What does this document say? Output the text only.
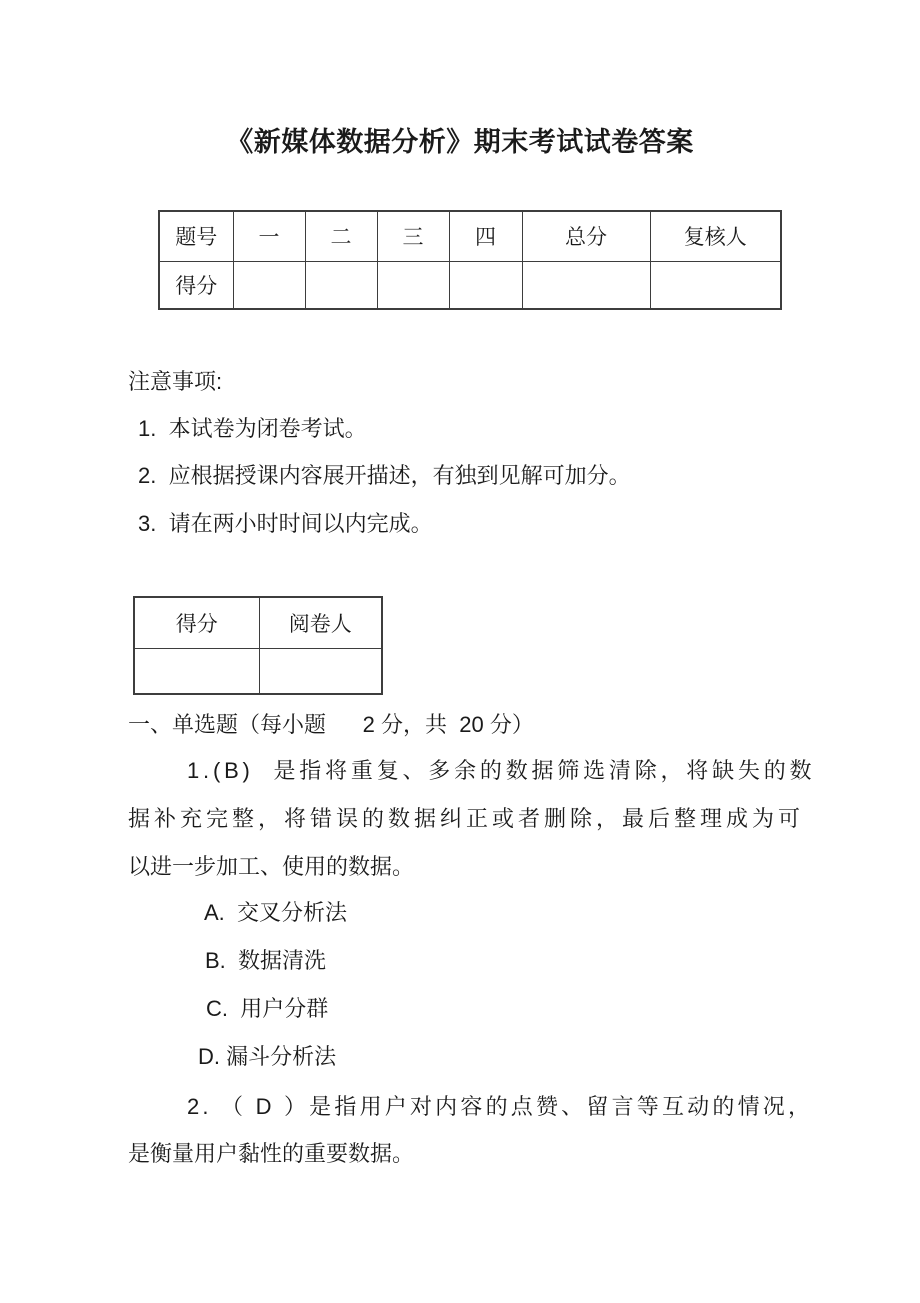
《新媒体数据分析》期末考试试卷答案
题号	一	二	三	四	总分	复核人
得分						
注意事项:
1.  本试卷为闭卷考试。
2.  应根据授课内容展开描述，有独到见解可加分。
3.  请在两小时时间以内完成。
得分	阅卷人

一、单选题（每小题      2 分，共  20 分）
1.(B)  是指将重复、多余的数据筛选清除，将缺失的数
据补充完整，将错误的数据纠正或者删除，最后整理成为可
以进一步加工、使用的数据。
A.  交叉分析法
B.  数据清洗
C.  用户分群
D. 漏斗分析法
2. （ D ）是指用户对内容的点赞、留言等互动的情况，
是衡量用户黏性的重要数据。
